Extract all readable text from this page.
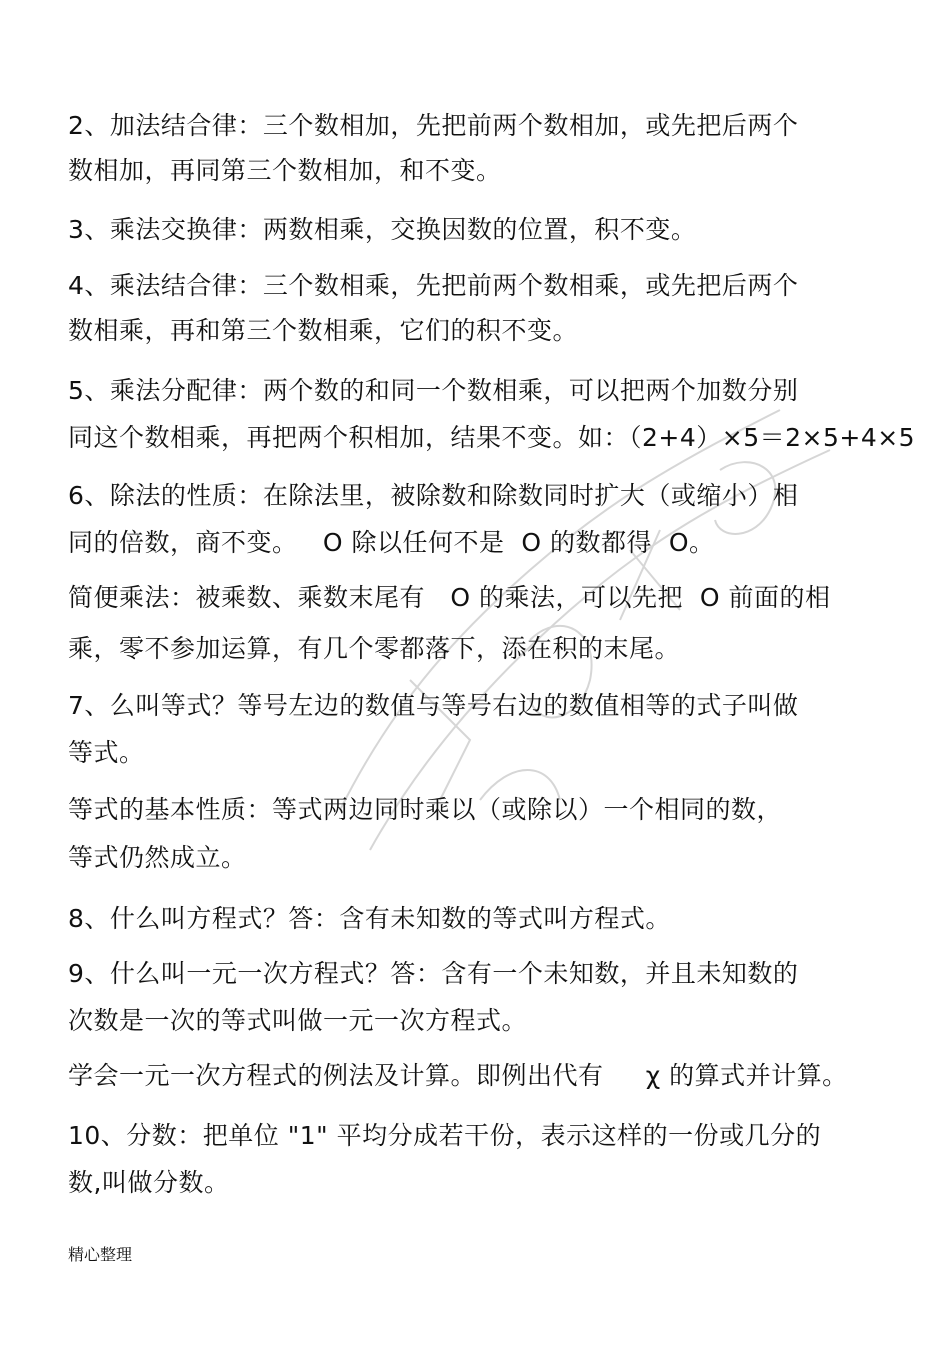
2、加法结合律：三个数相加，先把前两个数相加，或先把后两个
数相加，再同第三个数相加，和不变。
3、乘法交换律：两数相乘，交换因数的位置，积不变。
4、乘法结合律：三个数相乘，先把前两个数相乘，或先把后两个
数相乘，再和第三个数相乘，它们的积不变。
5、乘法分配律：两个数的和同一个数相乘，可以把两个加数分别
同这个数相乘，再把两个积相加，结果不变。如：（2+4）×5＝2×5+4×5
6、除法的性质：在除法里，被除数和除数同时扩大（或缩小）相
同的倍数，商不变。   O 除以任何不是  O 的数都得  O。
简便乘法：被乘数、乘数末尾有   O 的乘法，可以先把  O 前面的相
乘，零不参加运算，有几个零都落下，添在积的末尾。
7、么叫等式？等号左边的数值与等号右边的数值相等的式子叫做
等式。
等式的基本性质：等式两边同时乘以（或除以）一个相同的数，
等式仍然成立。
8、什么叫方程式？答：含有未知数的等式叫方程式。
9、什么叫一元一次方程式？答：含有一个未知数，并且未知数的
次数是一次的等式叫做一元一次方程式。
学会一元一次方程式的例法及计算。即例出代有     χ 的算式并计算。
10、分数：把单位 "1" 平均分成若干份，表示这样的一份或几分的
数,叫做分数。
精心整理
